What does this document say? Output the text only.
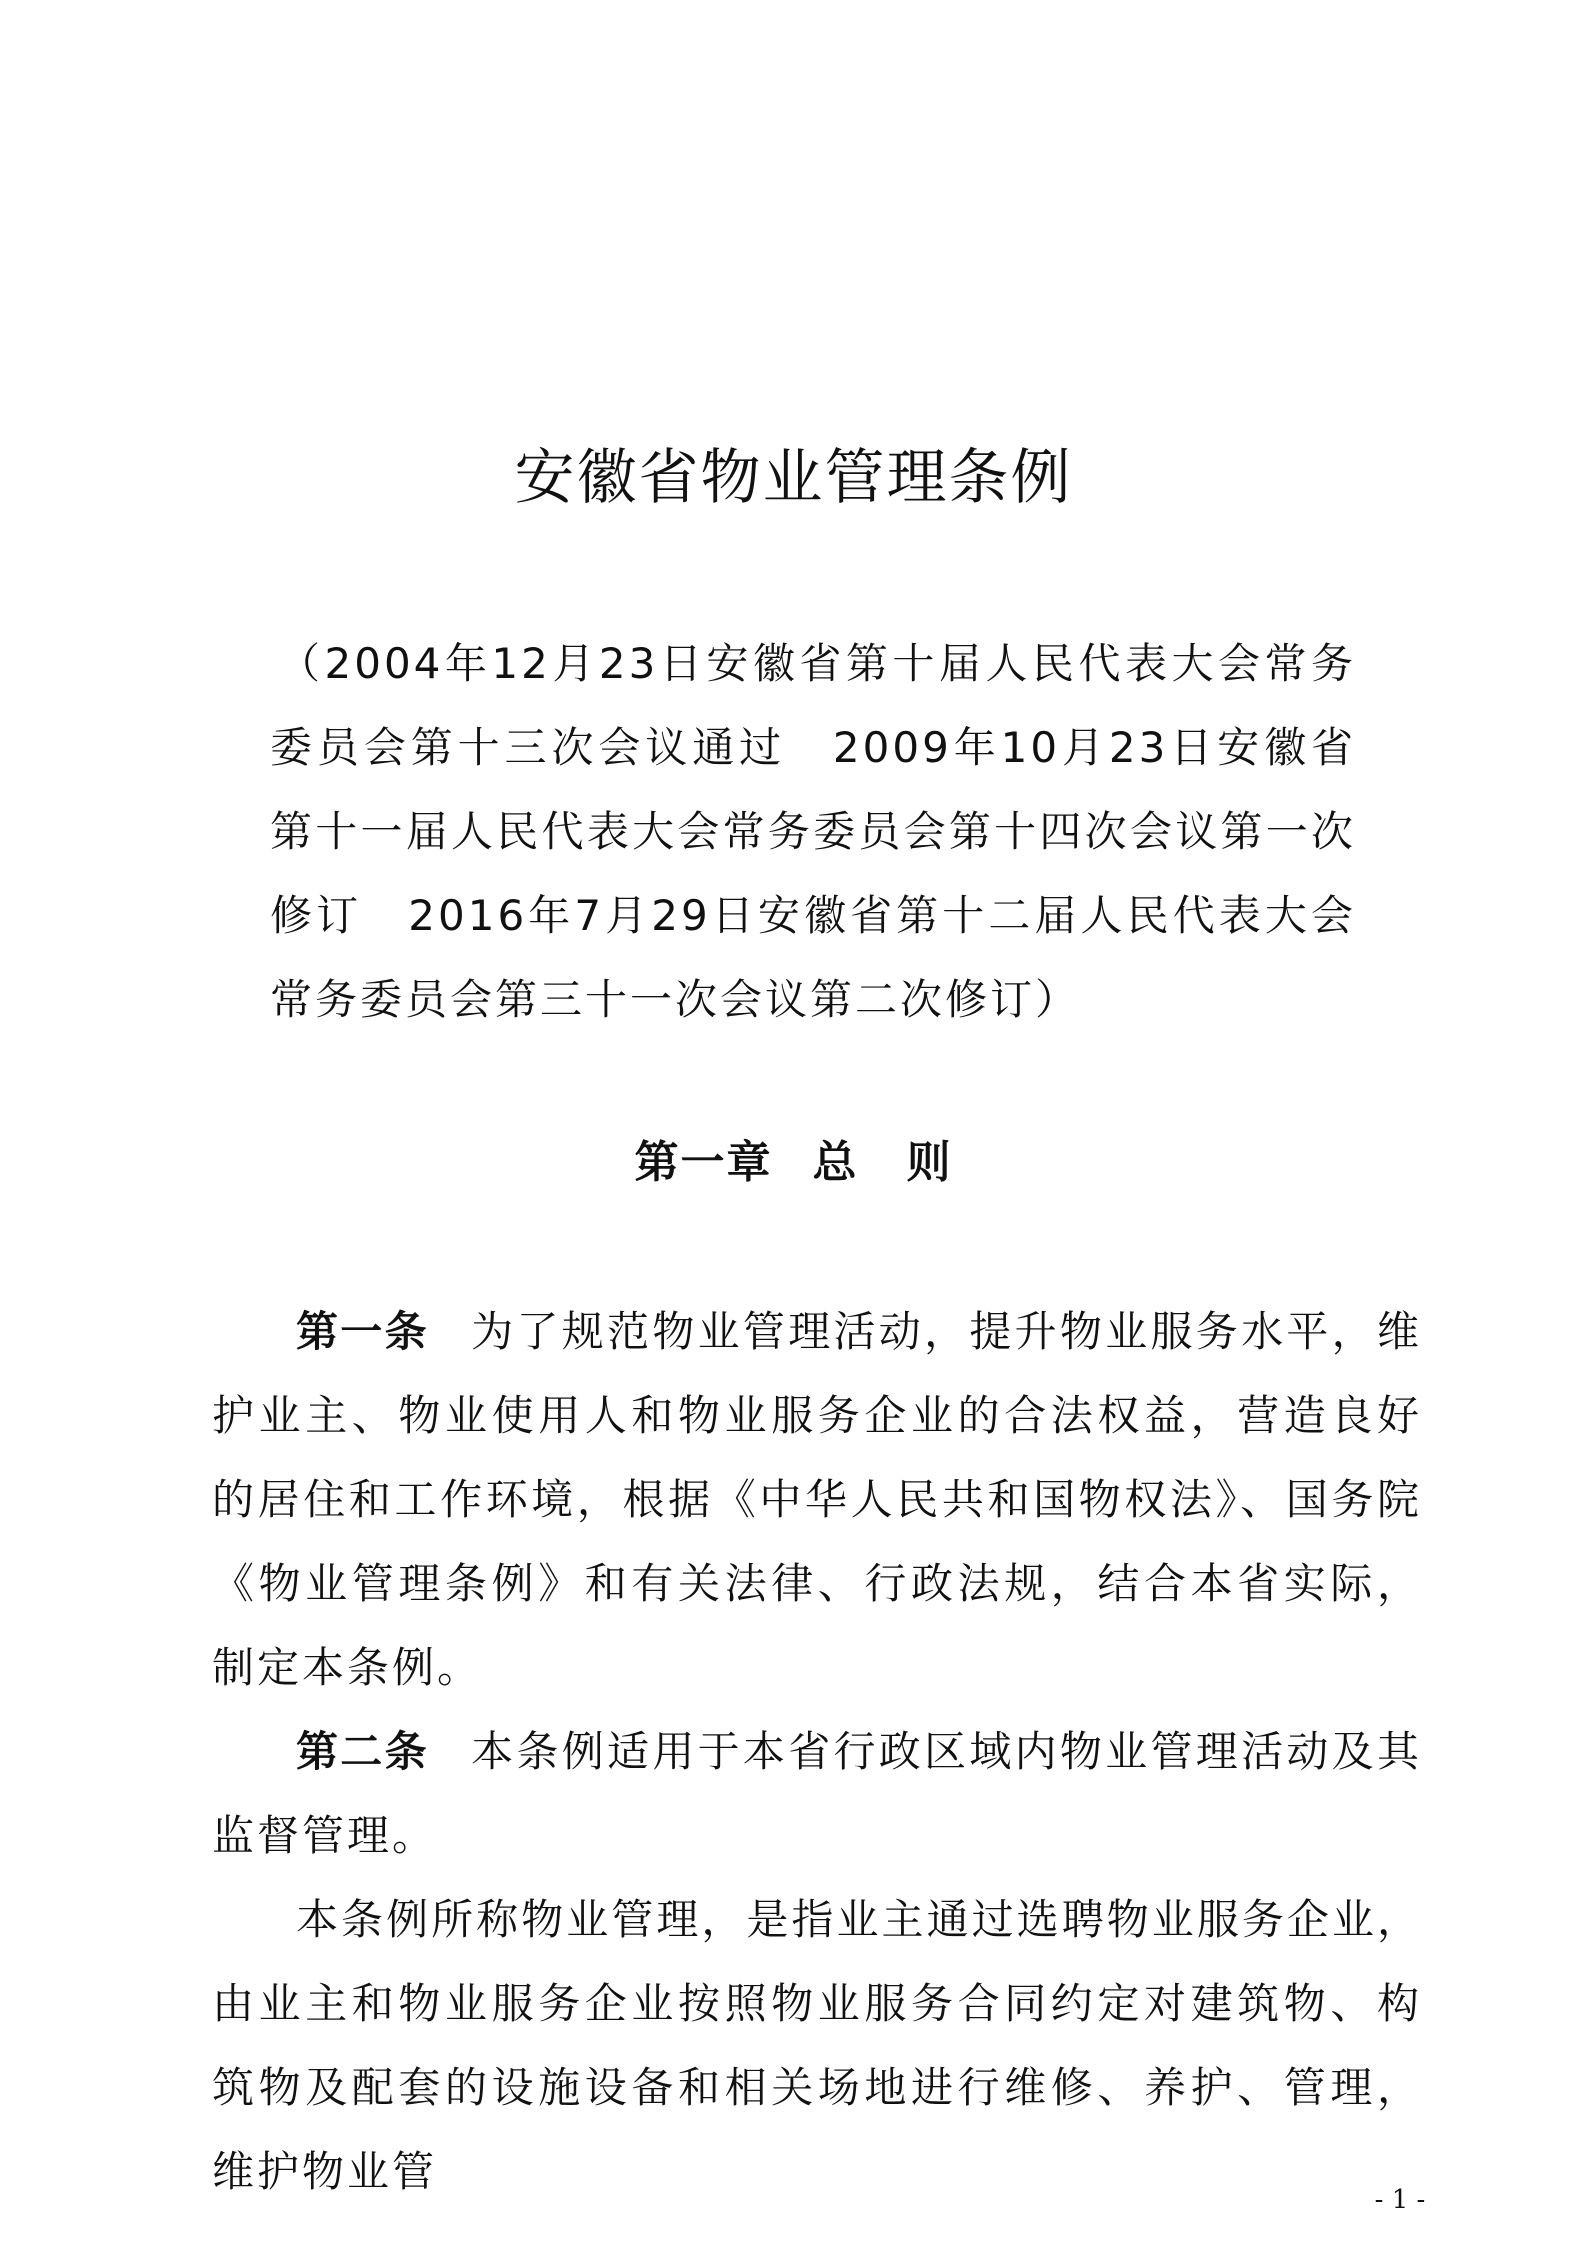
安徽省物业管理条例
（2004年12月23日安徽省第十届人民代表大会常务委员会第十三次会议通过　2009年10月23日安徽省第十一届人民代表大会常务委员会第十四次会议第一次修订　2016年7月29日安徽省第十二届人民代表大会常务委员会第三十一次会议第二次修订）
第一章 总 则

第一条 为了规范物业管理活动，提升物业服务水平，维护业主、物业使用人和物业服务企业的合法权益，营造良好的居住和工作环境，根据《中华人民共和国物权法》、国务院《物业管理条例》和有关法律、行政法规，结合本省实际，制定本条例。

第二条 本条例适用于本省行政区域内物业管理活动及其监督管理。

本条例所称物业管理，是指业主通过选聘物业服务企业，由业主和物业服务企业按照物业服务合同约定对建筑物、构筑物及配套的设施设备和相关场地进行维修、养护、管理，维护物业管

- 1 -
